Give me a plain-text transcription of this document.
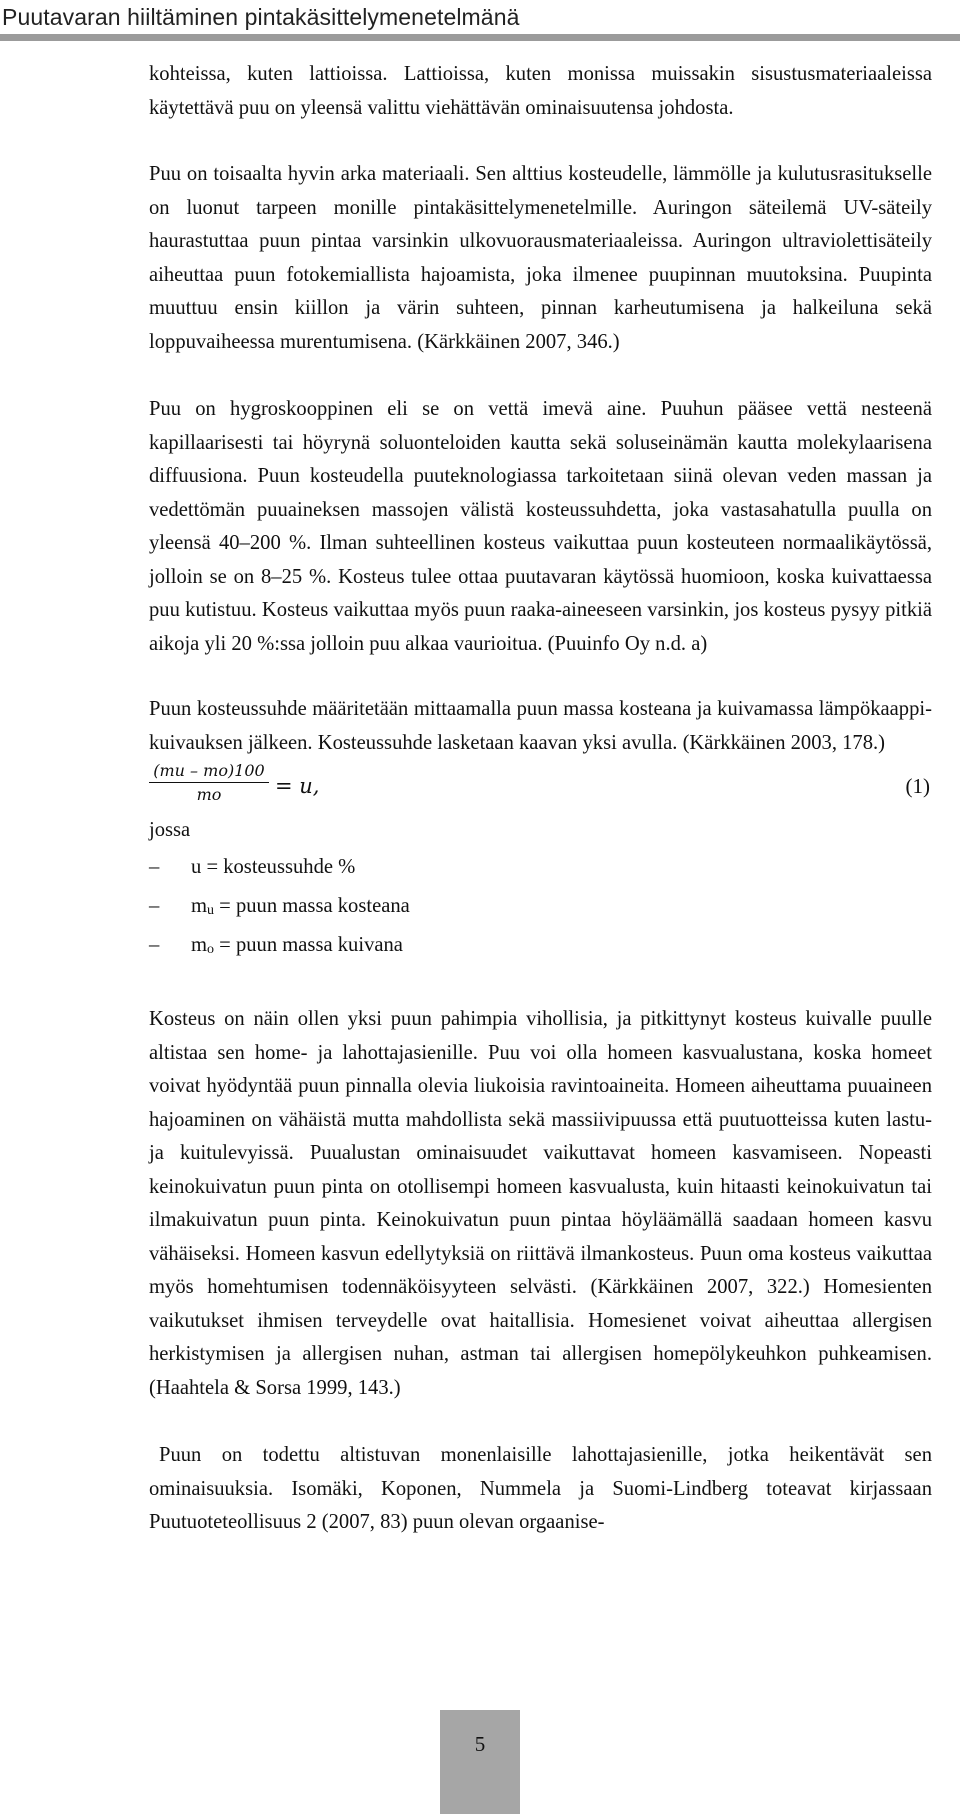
Puutavaran hiiltäminen pintakäsittelymenetelmänä

kohteissa, kuten lattioissa. Lattioissa, kuten monissa muissakin sisustusmateriaaleissa käytettävä puu on yleensä valittu viehättävän ominaisuutensa johdosta.

Puu on toisaalta hyvin arka materiaali. Sen alttius kosteudelle, lämmölle ja kulutusrasitukselle on luonut tarpeen monille pintakäsittelymenetelmille. Auringon säteilemä UV-säteily haurastuttaa puun pintaa varsinkin ulkovuorausmateriaaleissa. Auringon ultraviolettisäteily aiheuttaa puun fotokemiallista hajoamista, joka ilmenee puupinnan muutoksina. Puupinta muuttuu ensin kiillon ja värin suhteen, pinnan karheutumisena ja halkeiluna sekä loppuvaiheessa murentumisena. (Kärkkäinen 2007, 346.)

Puu on hygroskooppinen eli se on vettä imevä aine. Puuhun pääsee vettä nesteenä kapillaarisesti tai höyrynä soluonteloiden kautta sekä soluseinämän kautta molekylaarisena diffuusiona. Puun kosteudella puuteknologiassa tarkoitetaan siinä olevan veden massan ja vedettömän puuaineksen massojen välistä kosteussuhdetta, joka vastasahatulla puulla on yleensä 40–200 %. Ilman suhteellinen kosteus vaikuttaa puun kosteuteen normaalikäytössä, jolloin se on 8–25 %. Kosteus tulee ottaa puutavaran käytössä huomioon, koska kuivattaessa puu kutistuu. Kosteus vaikuttaa myös puun raaka-aineeseen varsinkin, jos kosteus pysyy pitkiä aikoja yli 20 %:ssa jolloin puu alkaa vaurioitua. (Puuinfo Oy n.d. a)

Puun kosteussuhde määritetään mittaamalla puun massa kosteana ja kuivamassa lämpökaappi-kuivauksen jälkeen. Kosteussuhde lasketaan kaavan yksi avulla. (Kärkkäinen 2003, 178.)

$\frac{(mu - mo)100}{mo} = u$,	(1)
jossa
– u = kosteussuhde %
– mu = puun massa kosteana
– mo = puun massa kuivana

Kosteus on näin ollen yksi puun pahimpia vihollisia, ja pitkittynyt kosteus kuivalle puulle altistaa sen home- ja lahottajasienille. Puu voi olla homeen kasvualustana, koska homeet voivat hyödyntää puun pinnalla olevia liukoisia ravintoaineita. Homeen aiheuttama puuaineen hajoaminen on vähäistä mutta mahdollista sekä massiivipuussa että puutuotteissa kuten lastu- ja kuitulevyissä. Puualustan ominaisuudet vaikuttavat homeen kasvamiseen. Nopeasti keinokuivatun puun pinta on otollisempi homeen kasvualusta, kuin hitaasti keinokuivatun tai ilmakuivatun puun pinta. Keinokuivatun puun pintaa höyläämällä saadaan homeen kasvu vähäiseksi. Homeen kasvun edellytyksiä on riittävä ilmankosteus. Puun oma kosteus vaikuttaa myös homehtumisen todennäköisyyteen selvästi. (Kärkkäinen 2007, 322.) Homesienten vaikutukset ihmisen terveydelle ovat haitallisia. Homesienet voivat aiheuttaa allergisen herkistymisen ja allergisen nuhan, astman tai allergisen homepölykeuhkon puhkeamisen. (Haahtela & Sorsa 1999, 143.)

Puun on todettu altistuvan monenlaisille lahottajasienille, jotka heikentävät sen ominaisuuksia. Isomäki, Koponen, Nummela ja Suomi-Lindberg toteavat kirjassaan Puutuoteteollisuus 2 (2007, 83) puun olevan orgaanise-

5
